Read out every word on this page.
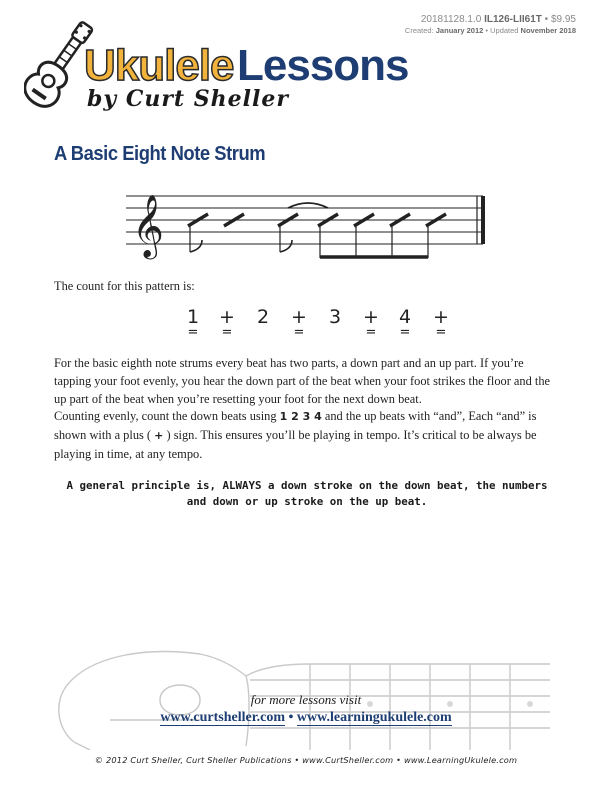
20181128.1.0 IL126-LII61T • $9.95
Created: January 2012 • Updated November 2018
Ukulele Lessons
by Curt Sheller
A Basic Eight Note Strum
𝄞
The count for this pattern is:
1
=
+
=
2	+
=
3	+
=
4
=
+
=
For the basic eighth note strums every beat has two parts, a down part and an up part. If you’re tapping your foot evenly, you hear the down part of the beat when your foot strikes the floor and the up part of the beat when you’re resetting your foot for the next down beat.
Counting evenly, count the down beats using 1 2 3 4 and the up beats with “and”, Each “and” is shown with a plus ( + ) sign. This ensures you’ll be playing in tempo. It’s critical to be always be playing in time, at any tempo.
A general principle is, ALWAYS a down stroke on the down beat, the numbers and down or up stroke on the up beat.
for more lessons visit
www.curtsheller.com • www.learningukulele.com
© 2012 Curt Sheller, Curt Sheller Publications • www.CurtSheller.com • www.LearningUkulele.com
